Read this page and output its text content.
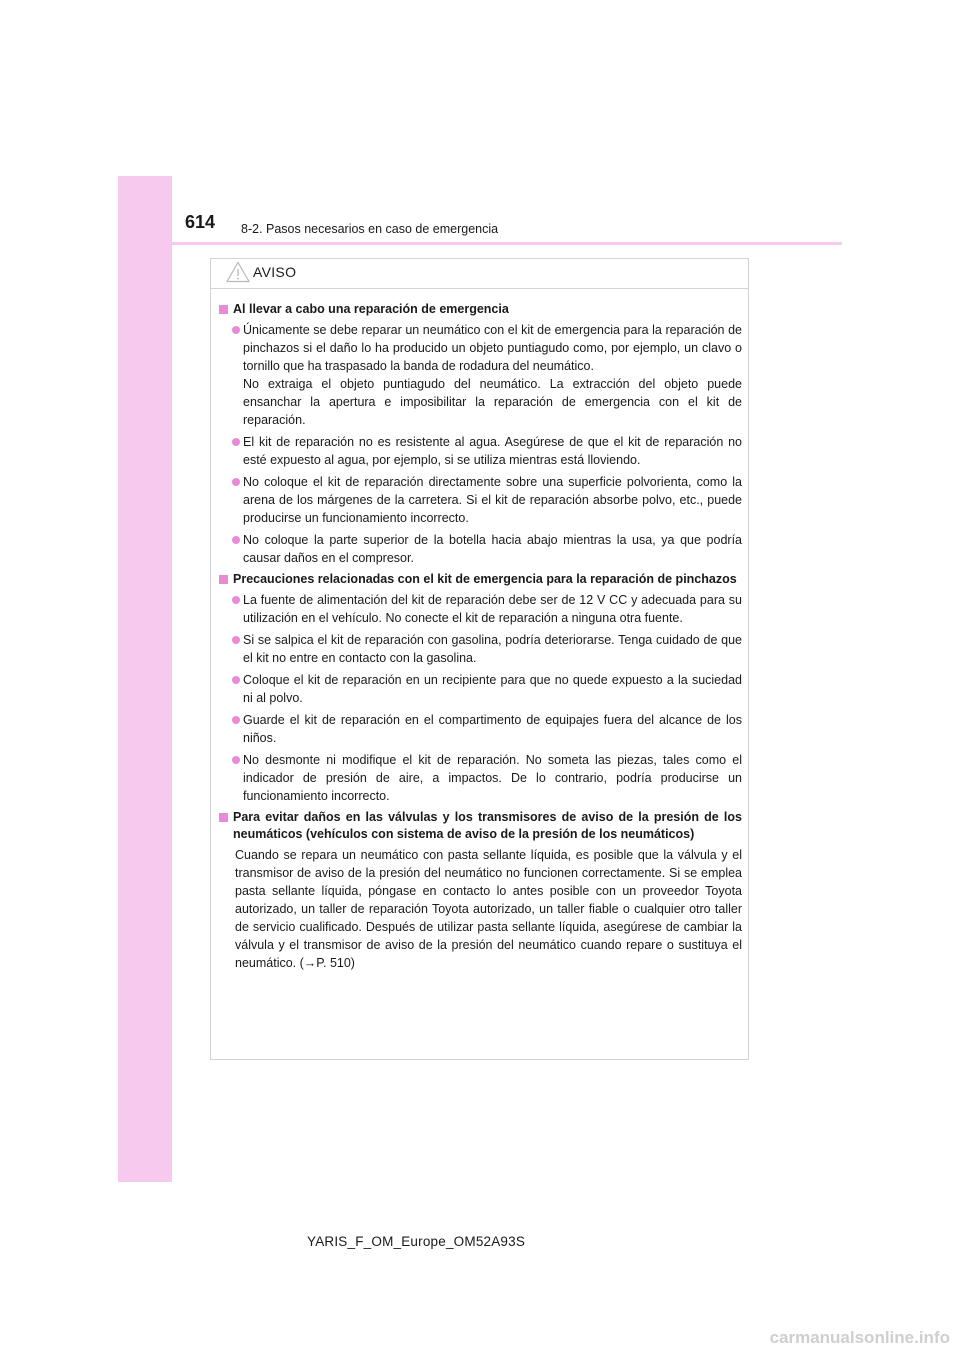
614 8-2. Pasos necesarios en caso de emergencia
AVISO
Al llevar a cabo una reparación de emergencia
Únicamente se debe reparar un neumático con el kit de emergencia para la reparación de pinchazos si el daño lo ha producido un objeto puntiagudo como, por ejemplo, un clavo o tornillo que ha traspasado la banda de rodadura del neumático.
No extraiga el objeto puntiagudo del neumático. La extracción del objeto puede ensanchar la apertura e imposibilitar la reparación de emergencia con el kit de reparación.
El kit de reparación no es resistente al agua. Asegúrese de que el kit de reparación no esté expuesto al agua, por ejemplo, si se utiliza mientras está lloviendo.
No coloque el kit de reparación directamente sobre una superficie polvorienta, como la arena de los márgenes de la carretera. Si el kit de reparación absorbe polvo, etc., puede producirse un funcionamiento incorrecto.
No coloque la parte superior de la botella hacia abajo mientras la usa, ya que podría causar daños en el compresor.
Precauciones relacionadas con el kit de emergencia para la reparación de pinchazos
La fuente de alimentación del kit de reparación debe ser de 12 V CC y adecuada para su utilización en el vehículo. No conecte el kit de reparación a ninguna otra fuente.
Si se salpica el kit de reparación con gasolina, podría deteriorarse. Tenga cuidado de que el kit no entre en contacto con la gasolina.
Coloque el kit de reparación en un recipiente para que no quede expuesto a la suciedad ni al polvo.
Guarde el kit de reparación en el compartimento de equipajes fuera del alcance de los niños.
No desmonte ni modifique el kit de reparación. No someta las piezas, tales como el indicador de presión de aire, a impactos. De lo contrario, podría producirse un funcionamiento incorrecto.
Para evitar daños en las válvulas y los transmisores de aviso de la presión de los neumáticos (vehículos con sistema de aviso de la presión de los neumáticos)
Cuando se repara un neumático con pasta sellante líquida, es posible que la válvula y el transmisor de aviso de la presión del neumático no funcionen correctamente. Si se emplea pasta sellante líquida, póngase en contacto lo antes posible con un proveedor Toyota autorizado, un taller de reparación Toyota autorizado, un taller fiable o cualquier otro taller de servicio cualificado. Después de utilizar pasta sellante líquida, asegúrese de cambiar la válvula y el transmisor de aviso de la presión del neumático cuando repare o sustituya el neumático. (→P. 510)
YARIS_F_OM_Europe_OM52A93S
carmanualsonline.info
